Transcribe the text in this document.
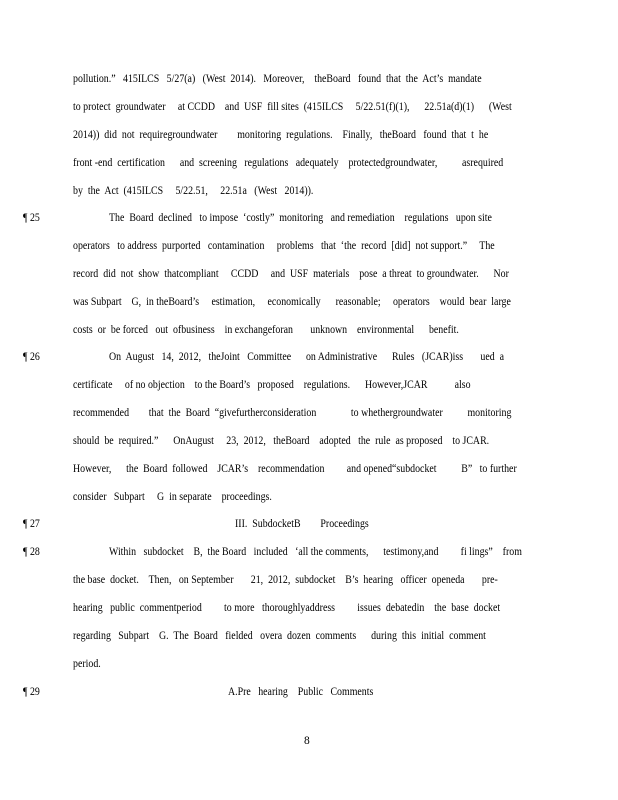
pollution.”   415ILCS   5/27(a)   (West  2014).   Moreover,    theBoard   found  that  the  Act’s  mandate
to protect  groundwater     at CCDD    and  USF  fill sites  (415ILCS     5/22.51(f)(1),      22.51a(d)(1)      (West
2014))  did  not  requiregroundwater        monitoring  regulations.    Finally,   theBoard   found  that  t  he
front -end  certification      and  screening   regulations   adequately    protectedgroundwater,          asrequired
by  the  Act  (415ILCS     5/22.51,     22.51a   (West   2014)).
¶ 25	The  Board  declined   to impose  ‘costly”  monitoring   and remediation    regulations   upon site
operators   to address  purported   contamination     problems   that  ‘the  record  [did]  not support.”     The
record  did  not  show  thatcompliant     CCDD     and  USF  materials    pose  a threat  to groundwater.      Nor
was Subpart    G,  in theBoard’s     estimation,     economically      reasonable;     operators    would  bear  large
costs  or  be forced   out  ofbusiness    in exchangeforan       unknown    environmental      benefit.
¶ 26	On  August   14,  2012,   theJoint   Committee      on Administrative      Rules   (JCAR)iss       ued  a
certificate     of no objection    to the Board’s   proposed    regulations.      However,JCAR           also
recommended        that  the  Board  “givefurtherconsideration              to whethergroundwater          monitoring
should  be  required.”      OnAugust     23,  2012,   theBoard    adopted   the  rule  as proposed    to JCAR.
However,      the  Board  followed    JCAR’s    recommendation         and opened“subdocket          B”   to further
consider   Subpart     G  in separate    proceedings.
¶ 27	III.  SubdocketB        Proceedings
¶ 28	Within   subdocket    B,  the Board   included   ‘all the comments,      testimony,and         fi lings”    from
the base  docket.    Then,   on September       21,  2012,  subdocket    B’s  hearing   officer  openeda       pre-
hearing   public  commentperiod         to more   thoroughlyaddress         issues  debatedin    the  base  docket
regarding   Subpart    G.  The  Board   fielded   overa  dozen  comments      during  this  initial  comment
period.
¶ 29	A.Pre   hearing    Public   Comments
8
